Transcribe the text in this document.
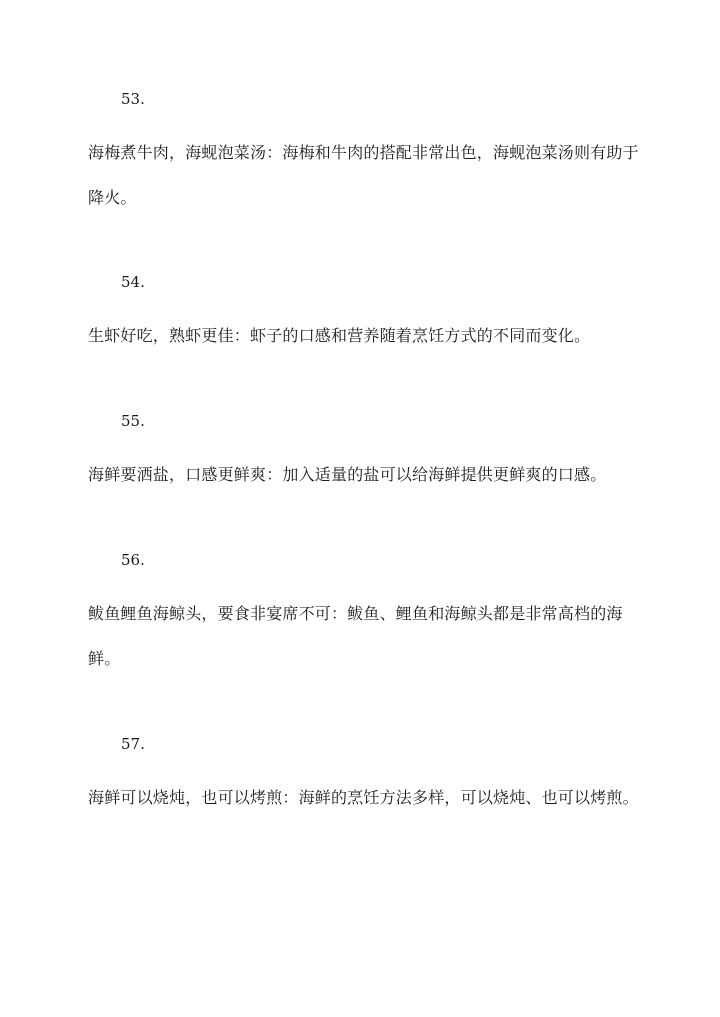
53.
海梅煮牛肉，海蚬泡菜汤：海梅和牛肉的搭配非常出色，海蚬泡菜汤则有助于降火。
54.
生虾好吃，熟虾更佳：虾子的口感和营养随着烹饪方式的不同而变化。
55.
海鲜要洒盐，口感更鲜爽：加入适量的盐可以给海鲜提供更鲜爽的口感。
56.
鲅鱼鲤鱼海鲸头，要食非宴席不可：鲅鱼、鲤鱼和海鲸头都是非常高档的海鲜。
57.
海鲜可以烧炖，也可以烤煎：海鲜的烹饪方法多样，可以烧炖、也可以烤煎。
